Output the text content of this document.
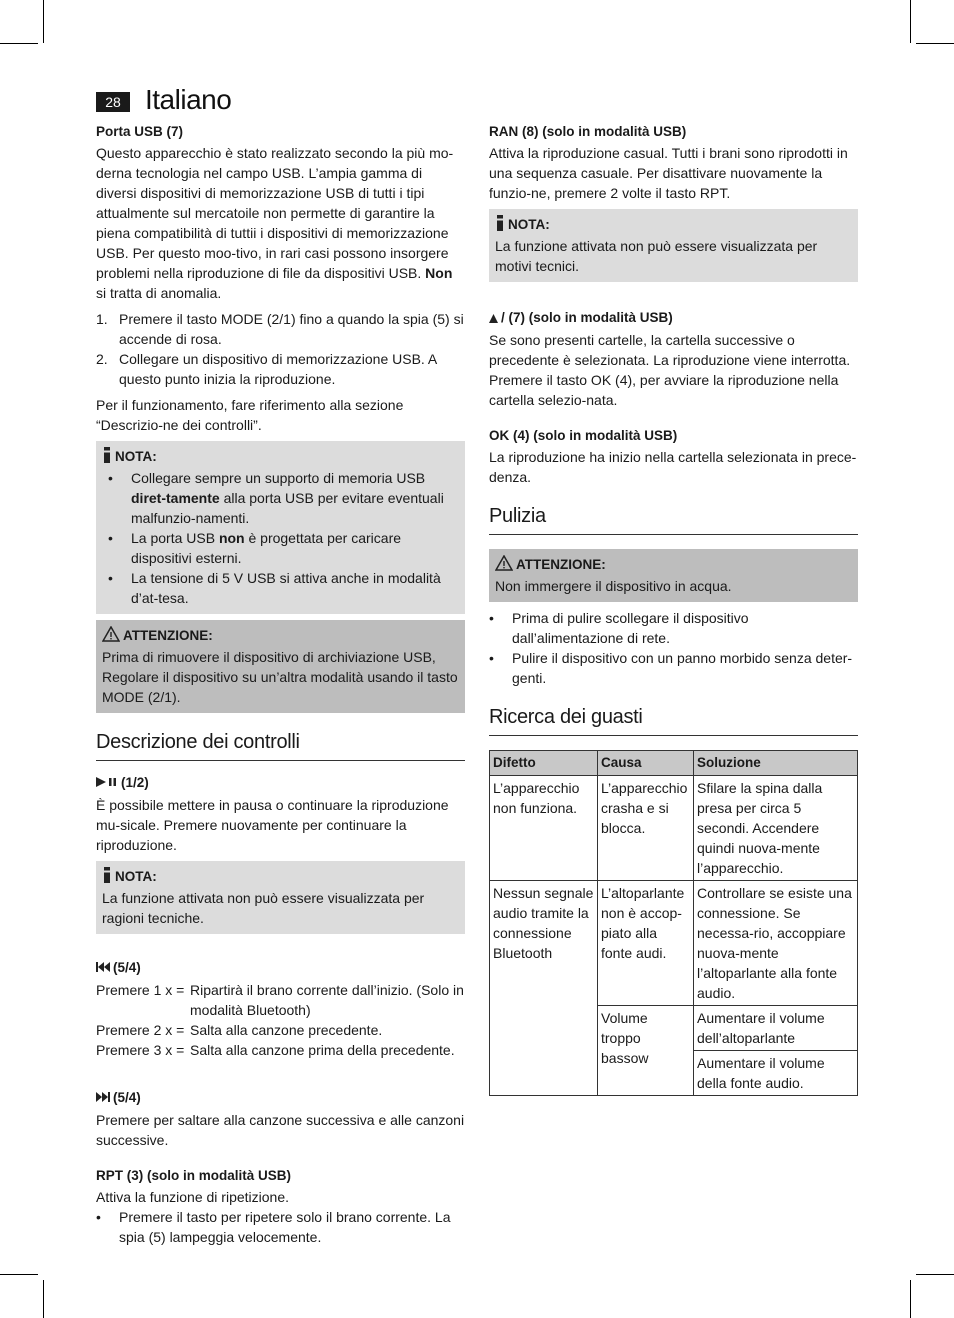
28 Italiano
Porta USB (7)

Questo apparecchio è stato realizzato secondo la più mo-derna tecnologia nel campo USB. L’ampia gamma di diversi dispositivi di memorizzazione USB di tutti i tipi attualmente sul mercatoile non permette di garantire la piena compatibilità di tuttii i dispositivi di memorizzazione USB. Per questo moo-tivo, in rari casi possono insorgere problemi nella riproduzione di file da dispositivi USB. Non si tratta di anomalia.

1. Premere il tasto MODE (2/1) fino a quando la spia (5) si accende di rosa.
2. Collegare un dispositivo di memorizzazione USB. A questo punto inizia la riproduzione.

Per il funzionamento, fare riferimento alla sezione “Descrizio-ne dei controlli”.

NOTA:
• Collegare sempre un supporto di memoria USB diret-tamente alla porta USB per evitare eventuali malfunzio-namenti.
• La porta USB non è progettata per caricare dispositivi esterni.
• La tensione di 5 V USB si attiva anche in modalità d’at-tesa.
ATTENZIONE:

Prima di rimuovere il dispositivo di archiviazione USB, Regolare il dispositivo su un’altra modalità usando il tasto MODE (2/1).

Descrizione dei controlli
(1/2)

È possibile mettere in pausa o continuare la riproduzione mu-sicale. Premere nuovamente per continuare la riproduzione.

NOTA:

La funzione attivata non può essere visualizzata per ragioni tecniche.

(5/4)
Premere 1 x =	Ripartirà il brano corrente dall’inizio. (Solo in modalità Bluetooth)
Premere 2 x =	Salta alla canzone precedente.
Premere 3 x =	Salta alla canzone prima della precedente.
(5/4)

Premere per saltare alla canzone successiva e alle canzoni successive.

RPT (3) (solo in modalità USB)

Attiva la funzione di ripetizione.

• Premere il tasto per ripetere solo il brano corrente. La spia (5) lampeggia velocemente.
RAN (8) (solo in modalità USB)

Attiva la riproduzione casual. Tutti i brani sono riprodotti in una sequenza casuale. Per disattivare nuovamente la funzio-ne, premere 2 volte il tasto RPT.

NOTA:

La funzione attivata non può essere visualizzata per motivi tecnici.

/ (7) (solo in modalità USB)

Se sono presenti cartelle, la cartella successive o precedente è selezionata. La riproduzione viene interrotta. Premere il tasto OK (4), per avviare la riproduzione nella cartella selezio-nata.

OK (4) (solo in modalità USB)

La riproduzione ha inizio nella cartella selezionata in prece-denza.

Pulizia
ATTENZIONE:

Non immergere il dispositivo in acqua.

• Prima di pulire scollegare il dispositivo dall’alimentazione di rete.
• Pulire il dispositivo con un panno morbido senza deter-genti.
Ricerca dei guasti
Difetto	Causa	Soluzione
L’apparecchio non funziona.	L’apparecchio crasha e si blocca.	Sfilare la spina dalla presa per circa 5 secondi. Accendere quindi nuova-mente l’apparecchio.
Nessun segnale audio tramite la connessione Bluetooth	L’altoparlante non è accop-piato alla fonte audi.	Controllare se esiste una connessione. Se necessa-rio, accoppiare nuova-mente l’altoparlante alla fonte audio.
	Volume troppo bassow	Aumentare il volume dell’altoparlante
		Aumentare il volume della fonte audio.
